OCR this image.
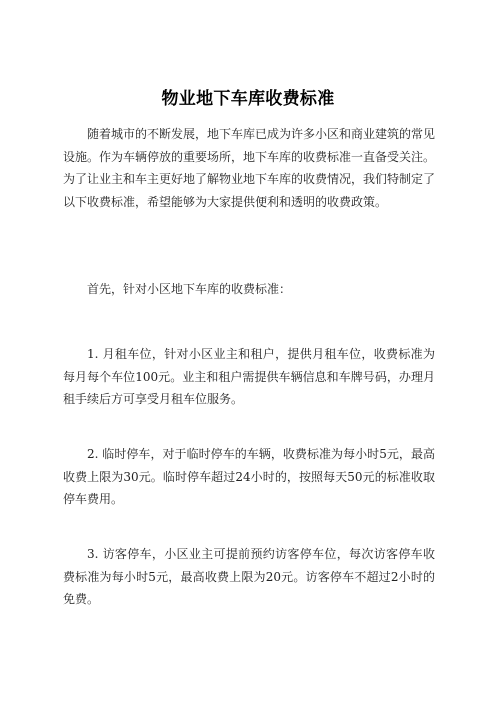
物业地下车库收费标准

随着城市的不断发展，地下车库已成为许多小区和商业建筑的常见设施。作为车辆停放的重要场所，地下车库的收费标准一直备受关注。为了让业主和车主更好地了解物业地下车库的收费情况，我们特制定了以下收费标准，希望能够为大家提供便利和透明的收费政策。

首先，针对小区地下车库的收费标准：

1. 月租车位，针对小区业主和租户，提供月租车位，收费标准为每月每个车位100元。业主和租户需提供车辆信息和车牌号码，办理月租手续后方可享受月租车位服务。

2. 临时停车，对于临时停车的车辆，收费标准为每小时5元，最高收费上限为30元。临时停车超过24小时的，按照每天50元的标准收取停车费用。

3. 访客停车，小区业主可提前预约访客停车位，每次访客停车收费标准为每小时5元，最高收费上限为20元。访客停车不超过2小时的免费。
